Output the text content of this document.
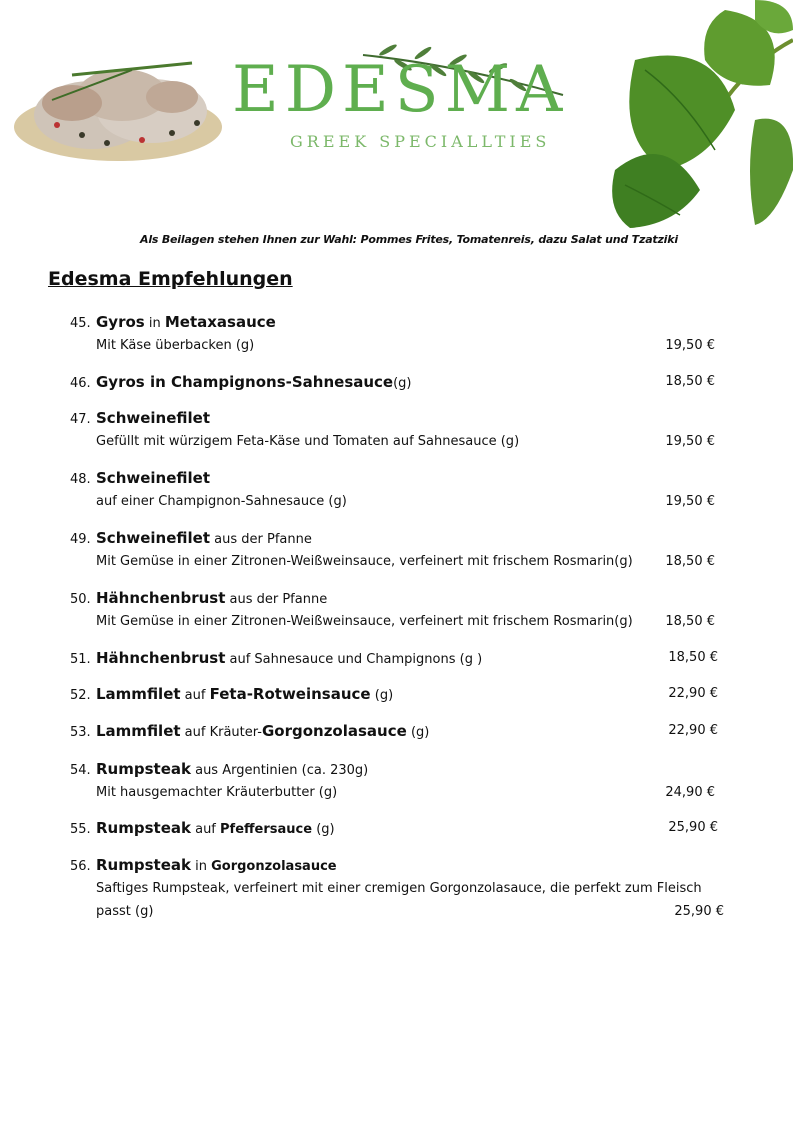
EDESMA
GREEK SPECIALLTIES
Als Beilagen stehen Ihnen zur Wahl: Pommes Frites, Tomatenreis, dazu Salat und Tzatziki
Edesma Empfehlungen
45. Gyros in Metaxasauce
Mit Käse überbacken (g)	19,50 €
46. Gyros in Champignons-Sahnesauce(g)	18,50 €
47. Schweinefilet
Gefüllt mit würzigem Feta-Käse und Tomaten auf Sahnesauce (g)	19,50 €
48. Schweinefilet
auf einer Champignon-Sahnesauce (g)	19,50 €
49. Schweinefilet aus der Pfanne
Mit Gemüse in einer Zitronen-Weißweinsauce, verfeinert mit frischem Rosmarin(g)	18,50 €
50. Hähnchenbrust aus der Pfanne
Mit Gemüse in einer Zitronen-Weißweinsauce, verfeinert mit frischem Rosmarin(g)	18,50 €
51. Hähnchenbrust auf Sahnesauce und Champignons (g )	18,50 €
52. Lammfilet auf Feta-Rotweinsauce (g)	22,90 €
53. Lammfilet auf Kräuter-Gorgonzolasauce (g)	22,90 €
54. Rumpsteak aus Argentinien (ca. 230g)
Mit hausgemachter Kräuterbutter (g)	24,90 €
55. Rumpsteak auf Pfeffersauce (g)	25,90 €
56. Rumpsteak in Gorgonzolasauce
Saftiges Rumpsteak, verfeinert mit einer cremigen Gorgonzolasauce, die perfekt zum Fleisch passt (g)	25,90 €
